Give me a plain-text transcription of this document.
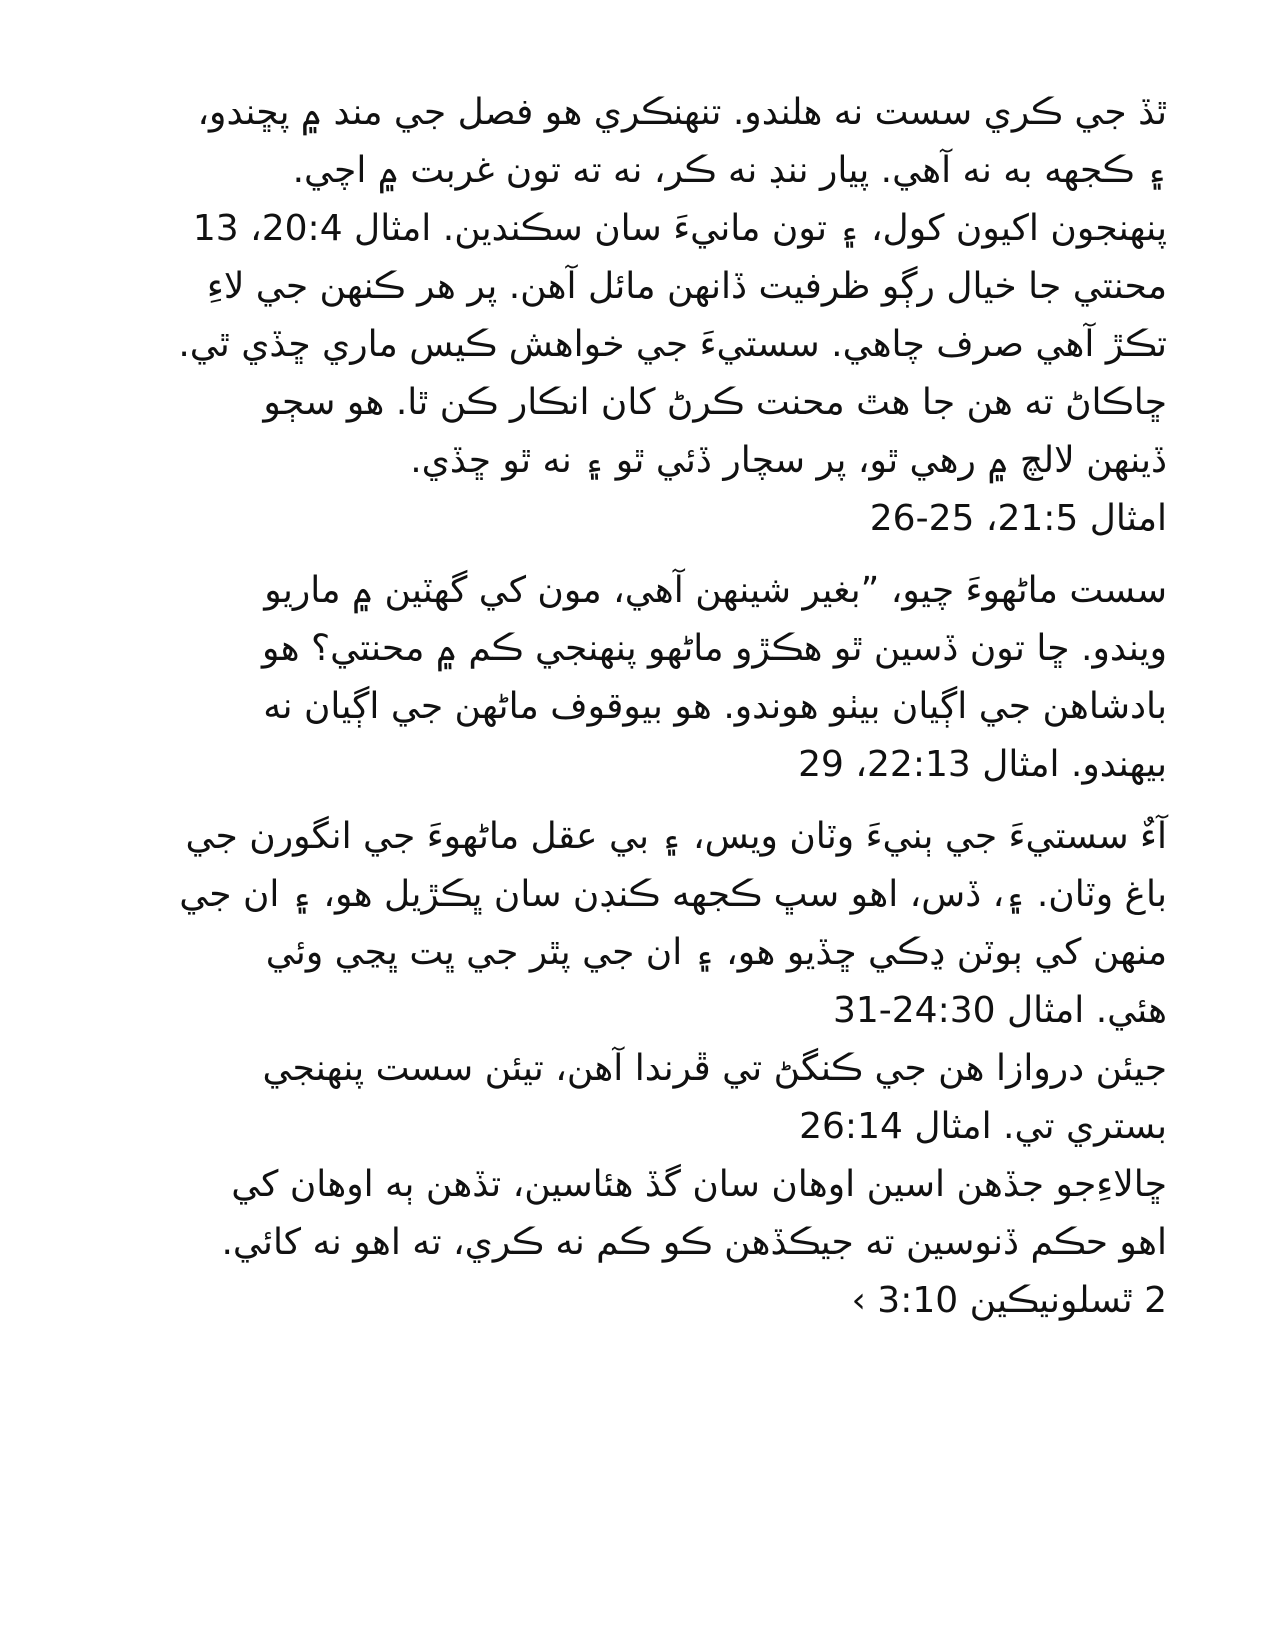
ٿڏ جي ڪري سست نه هلندو. تنهنڪري هو فصل جي مند ۾ پڇندو،
۽ ڪجهه به نه آهي. پيار ننڊ نه ڪر، نه ته تون غربت ۾ اچي.
پنهنجون اکيون کول، ۽ تون مانيءَ سان سڪندين. امثال 20:4، 13
محنتي جا خيال رڳو ظرفيت ڏانهن مائل آهن. پر هر ڪنهن جي لاءِ
تڪڙ آهي صرف چاهي. سستيءَ جي خواهش ڪيس ماري ڇڏي ٿي.
ڇاڪاڻ ته هن جا هٿ محنت ڪرڻ کان انڪار ڪن ٿا. هو سڄو
ڏينهن لالچ ۾ رهي ٿو، پر سچار ڏئي ٿو ۽ نه ٿو ڇڏي.
امثال 21:5، 25-26
سست ماڻهوءَ چيو، ”بغير شينهن آهي، مون کي گهٽين ۾ ماريو
ويندو. ڇا تون ڏسين ٿو هڪڙو ماڻهو پنهنجي ڪم ۾ محنتي؟ هو
بادشاهن جي اڳيان بيٺو هوندو. هو بيوقوف ماڻهن جي اڳيان نه
بيهندو. امثال 22:13، 29
آءٌ سستيءَ جي ٻنيءَ وٽان ويس، ۽ بي عقل ماڻهوءَ جي انگورن جي
باغ وٽان. ۽، ڏس، اهو سڀ ڪجهه ڪنڊن سان ڀڪڙيل هو، ۽ ان جي
منهن کي ٻوٽن ڍڪي ڇڏيو هو، ۽ ان جي پٿر جي ڀت ڀڃي وئي
هئي. امثال 24:30-31
جيئن دروازا هن جي ڪنگڻ تي ڦرندا آهن، تيئن سست پنهنجي
بستري تي. امثال 26:14
ڇالاءِجو جڏهن اسين اوهان سان گڏ هئاسين، تڏهن ٻه اوهان کي
اهو حڪم ڏنوسين ته جيڪڏهن ڪو ڪم نه ڪري، ته اهو نه کائي.
2 ٿسلونيڪين 3:10 ›
